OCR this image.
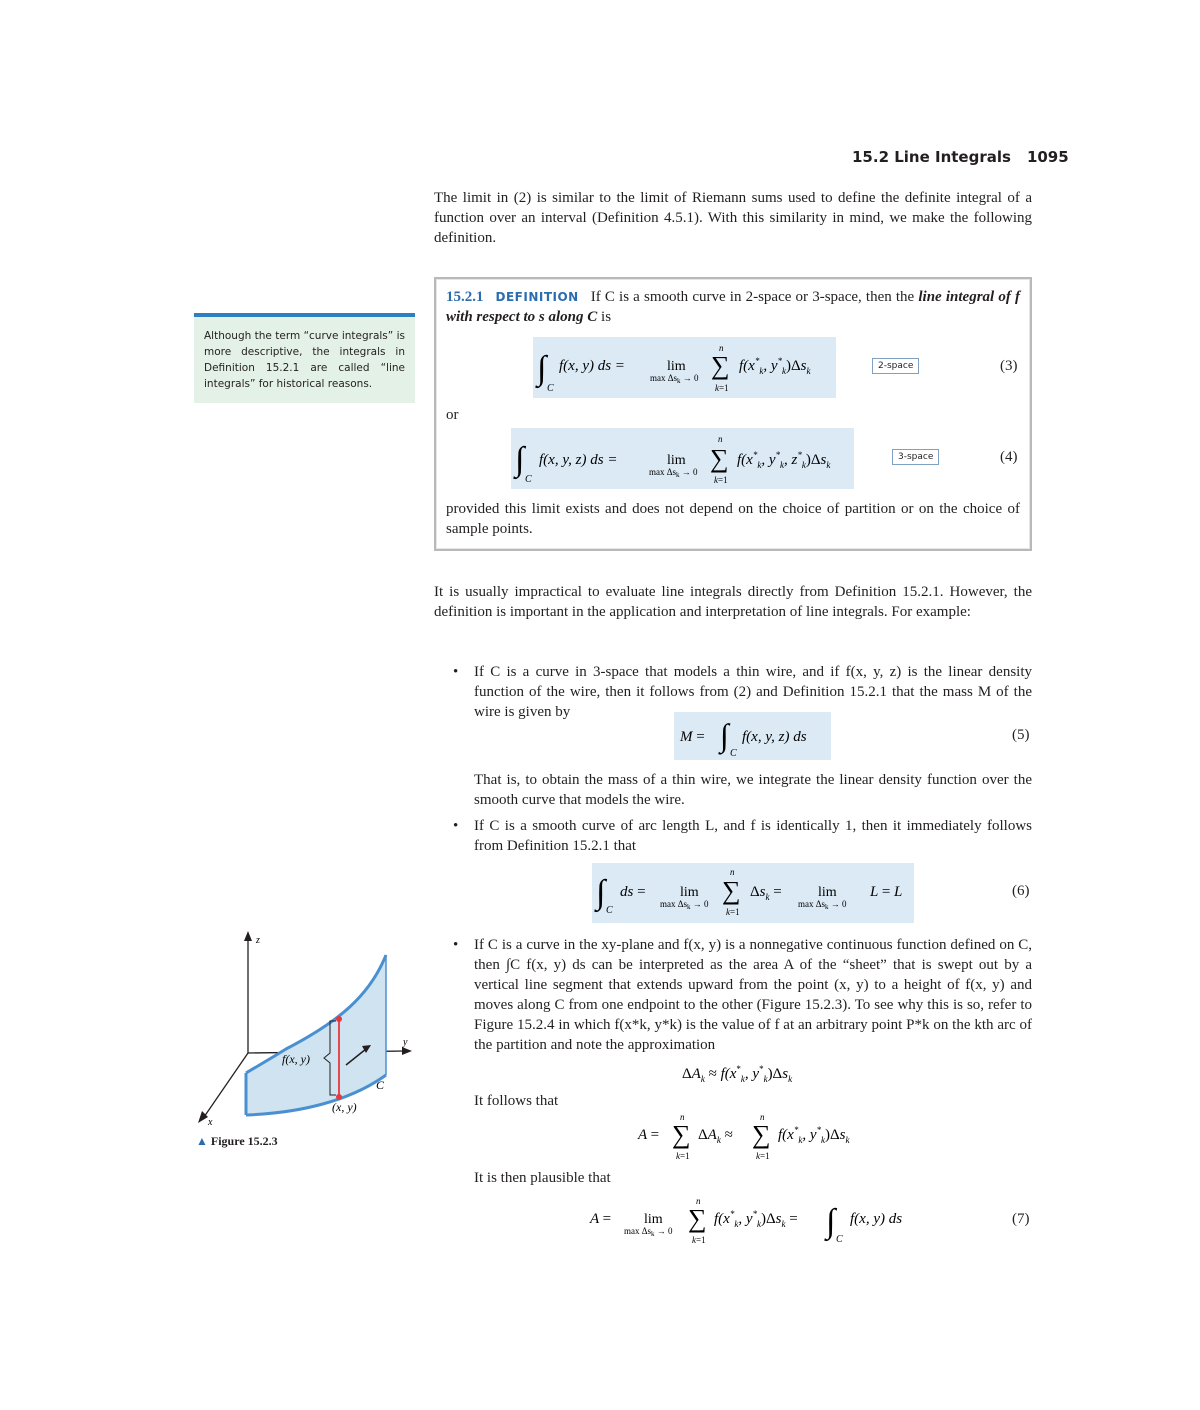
15.2 Line Integrals 1095
The limit in (2) is similar to the limit of Riemann sums used to define the definite integral of a function over an interval (Definition 4.5.1). With this similarity in mind, we make the following definition.

Although the term “curve integrals” is more descriptive, the integrals in Definition 15.2.1 are called “line integrals” for historical reasons.

15.2.1 DEFINITION If C is a smooth curve in 2-space or 3-space, then the line integral of f with respect to s along C is
∫
C
f(x, y) ds =	lim
$\max \Delta s_k \to 0$
n
∑
k=1
$f(x^*_k$, $y^*_k)\Delta s_k$	2-space	(3)
or
∫
C
f(x, y, z) ds =	lim
$\max \Delta s_k \to 0$
n
∑
k=1
$f(x^*_k$, $y^*_k$, $z^*_k)\Delta s_k$
3-space	(4)
provided this limit exists and does not depend on the choice of partition or on the choice of sample points.
It is usually impractical to evaluate line integrals directly from Definition 15.2.1. However, the definition is important in the application and interpretation of line integrals. For example:
• If C is a curve in 3-space that models a thin wire, and if f(x, y, z) is the linear density function of the wire, then it follows from (2) and Definition 15.2.1 that the mass M of the wire is given by
M = ∫
C
f(x, y, z) ds	(5)
That is, to obtain the mass of a thin wire, we integrate the linear density function over the smooth curve that models the wire.
• If C is a smooth curve of arc length L, and f is identically 1, then it immediately follows from Definition 15.2.1 that
∫ C
ds = lim
$\max \Delta s_k \to 0$
n
∑
k=1
$\Delta s_k$ =	lim
$\max \Delta s_k \to 0$
L = L	(6)
• If C is a curve in the xy-plane and f(x, y) is a nonnegative continuous function defined on C, then ∫C f(x, y) ds can be interpreted as the area A of the “sheet” that is swept out by a vertical line segment that extends upward from the point (x, y) to a height of f(x, y) and moves along C from one endpoint to the other (Figure 15.2.3). To see why this is so, refer to Figure 15.2.4 in which f(x*k, y*k) is the value of f at an arbitrary point P*k on the kth arc of the partition and note the approximation
$\Delta A_k \approx f(x^*_k$, $y^*_k)\Delta s_k$
It follows that
A =
n
∑
k=1
$\Delta A_k$ ≈
n
∑
k=1
$f(x^*_k$, $y^*_k)\Delta s_k$
It is then plausible that
A = lim
$\max \Delta s_k \to 0$
n
∑
k=1
$f(x^*_k$, $y^*_k)\Delta s_k$ = ∫ C
f(x, y) ds	(7)
z
y
x
f(x, y)
(x, y)
C
▲ Figure 15.2.3
